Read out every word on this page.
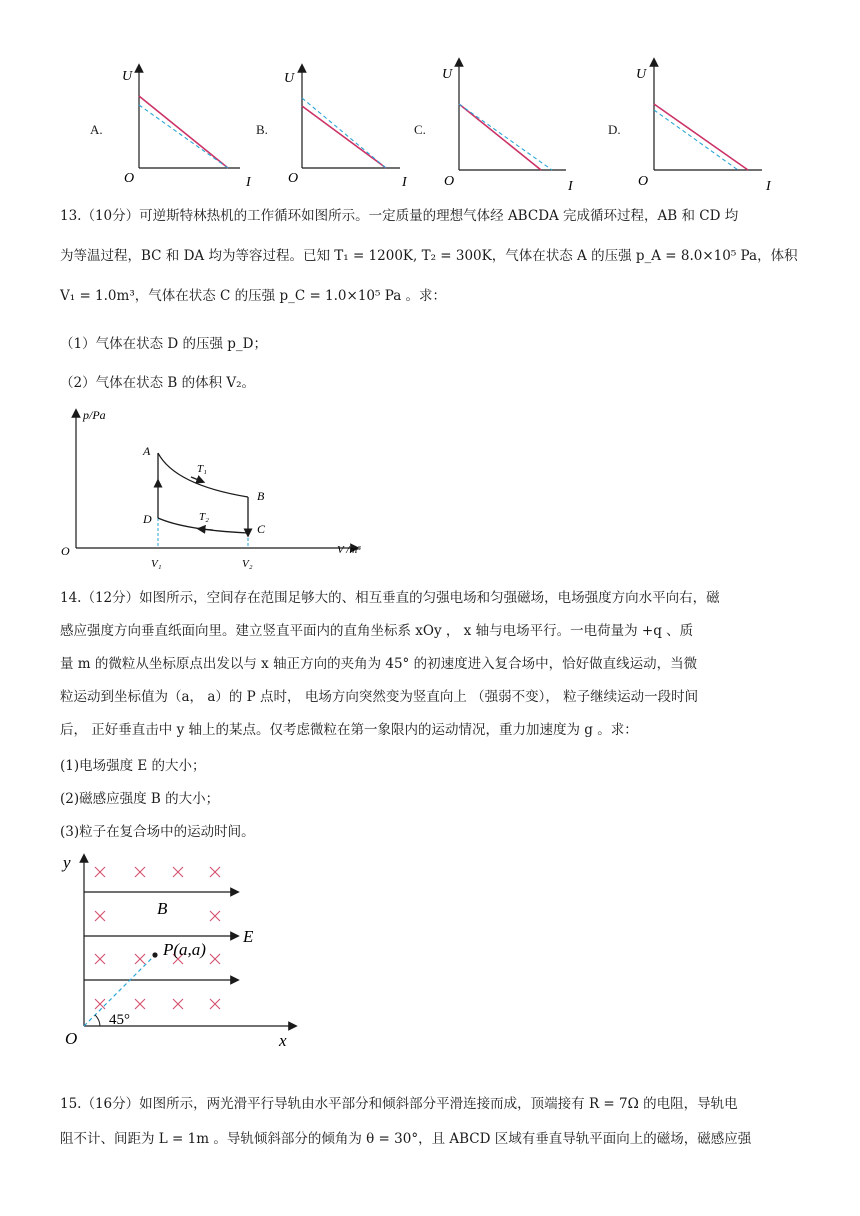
A.	B.	C.	D.
U
O	I
U
O	I
U
O	I
U
O	I
13.（10分）可逆斯特林热机的工作循环如图所示。一定质量的理想气体经 ABCDA 完成循环过程，AB 和 CD 均
为等温过程，BC 和 DA 均为等容过程。已知 T₁ = 1200K, T₂ = 300K，气体在状态 A 的压强 p_A = 8.0×10⁵ Pa，体积
V₁ = 1.0m³，气体在状态 C 的压强 p_C = 1.0×10⁵ Pa 。求：
（1）气体在状态 D 的压强 p_D；
（2）气体在状态 B 的体积 V₂。
p/Pa
V /m³
O
A
B
C
D
T₁
T₂
V₁	V₂
14.（12分）如图所示，空间存在范围足够大的、相互垂直的匀强电场和匀强磁场，电场强度方向水平向右，磁
感应强度方向垂直纸面向里。建立竖直平面内的直角坐标系 xOy ， x 轴与电场平行。一电荷量为 +q 、质
量 m 的微粒从坐标原点出发以与 x 轴正方向的夹角为 45° 的初速度进入复合场中，恰好做直线运动，当微
粒运动到坐标值为（a， a）的 P 点时， 电场方向突然变为竖直向上 （强弱不变）， 粒子继续运动一段时间
后， 正好垂直击中 y 轴上的某点。仅考虑微粒在第一象限内的运动情况，重力加速度为 g 。求：
(1)电场强度 E 的大小；
(2)磁感应强度 B 的大小；
(3)粒子在复合场中的运动时间。
y
x
O
B
E
P(a,a)
45°
15.（16分）如图所示，两光滑平行导轨由水平部分和倾斜部分平滑连接而成，顶端接有 R = 7Ω 的电阻，导轨电
阻不计、间距为 L = 1m 。导轨倾斜部分的倾角为 θ = 30°，且 ABCD 区域有垂直导轨平面向上的磁场，磁感应强
